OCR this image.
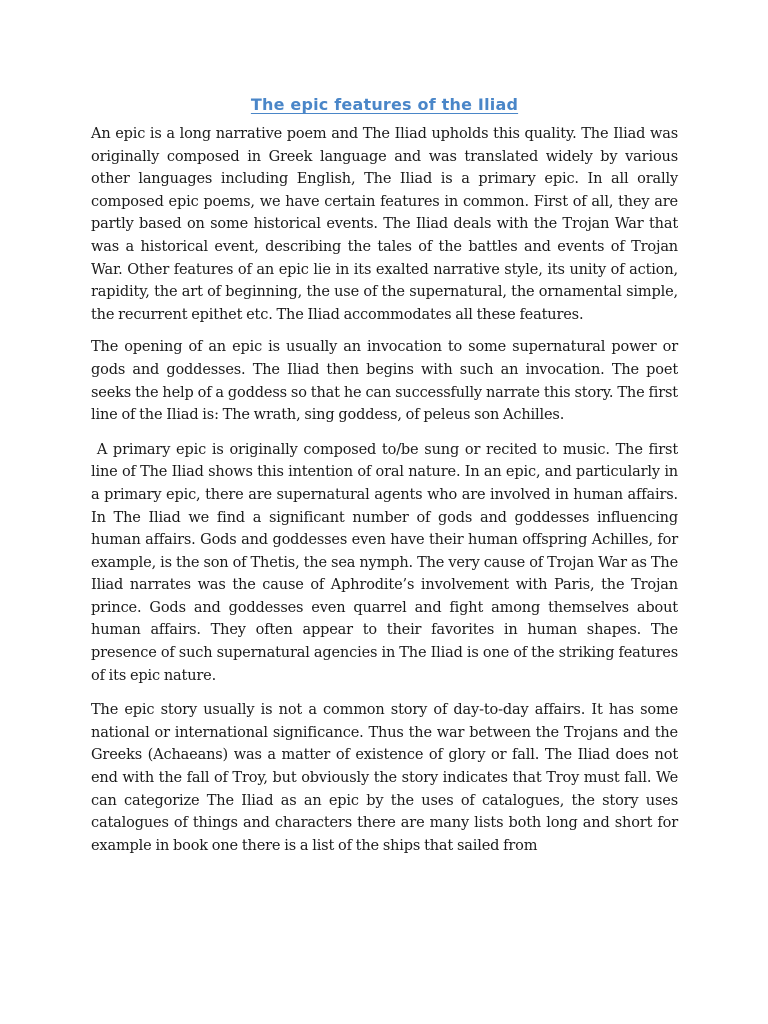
The epic features of the Iliad

An epic is a long narrative poem and The Iliad upholds this quality. The Iliad was originally composed in Greek language and was translated widely by various other languages including English, The Iliad is a primary epic. In all orally composed epic poems, we have certain features in common. First of all, they are partly based on some historical events. The Iliad deals with the Trojan War that was a historical event, describing the tales of the battles and events of Trojan War. Other features of an epic lie in its exalted narrative style, its unity of action, rapidity, the art of beginning, the use of the supernatural, the ornamental simple, the recurrent epithet etc. The Iliad accommodates all these features.

The opening of an epic is usually an invocation to some supernatural power or gods and goddesses. The Iliad then begins with such an invocation. The poet seeks the help of a goddess so that he can successfully narrate this story. The first line of the Iliad is: The wrath, sing goddess, of peleus son Achilles.

A primary epic is originally composed to/be sung or recited to music. The first line of The Iliad shows this intention of oral nature. In an epic, and particularly in a primary epic, there are supernatural agents who are involved in human affairs. In The Iliad we find a significant number of gods and goddesses influencing human affairs. Gods and goddesses even have their human offspring Achilles, for example, is the son of Thetis, the sea nymph. The very cause of Trojan War as The Iliad narrates was the cause of Aphrodite’s involvement with Paris, the Trojan prince. Gods and goddesses even quarrel and fight among themselves about human affairs. They often appear to their favorites in human shapes. The presence of such supernatural agencies in The Iliad is one of the striking features of its epic nature.

The epic story usually is not a common story of day-to-day affairs. It has some national or international significance. Thus the war between the Trojans and the Greeks (Achaeans) was a matter of existence of glory or fall. The Iliad does not end with the fall of Troy, but obviously the story indicates that Troy must fall. We can categorize The Iliad as an epic by the uses of catalogues, the story uses catalogues of things and characters there are many lists both long and short for example in book one there is a list of the ships that sailed from
